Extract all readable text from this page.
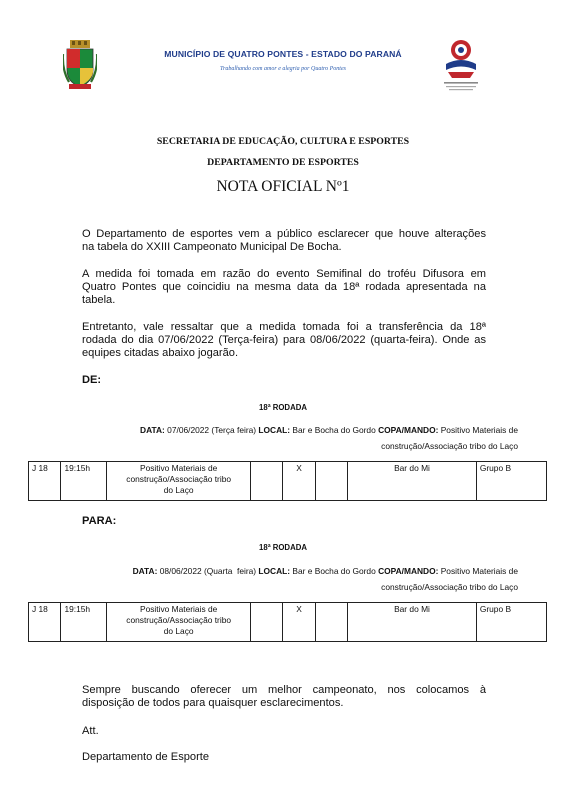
MUNICÍPIO DE QUATRO PONTES - ESTADO DO PARANÁ
Trabalhando com amor e alegria por Quatro Pontes
SECRETARIA DE EDUCAÇÃO, CULTURA E ESPORTES
DEPARTAMENTO DE ESPORTES
NOTA OFICIAL Nº1
O Departamento de esportes vem a público esclarecer que houve alterações
na tabela do XXIII Campeonato Municipal De Bocha.
A medida foi tomada em razão do evento Semifinal do troféu Difusora em
Quatro Pontes que coincidiu na mesma data da 18ª rodada apresentada na
tabela.
Entretanto, vale ressaltar que a medida tomada foi a transferência da 18ª
rodada do dia 07/06/2022 (Terça-feira) para 08/06/2022 (quarta-feira). Onde as
equipes citadas abaixo jogarão.
DE:
18ª RODADA
DATA: 07/06/2022 (Terça feira) LOCAL: Bar e Bocha do Gordo COPA/MANDO: Positivo Materiais de
construção/Associação tribo do Laço
J 18	19:15h	Positivo Materiais de
construção/Associação tribo
do Laço
		X		Bar do Mi	Grupo B
PARA:
18ª RODADA
DATA: 08/06/2022 (Quarta  feira) LOCAL: Bar e Bocha do Gordo COPA/MANDO: Positivo Materiais de
construção/Associação tribo do Laço
J 18	19:15h	Positivo Materiais de
construção/Associação tribo
do Laço
		X		Bar do Mi	Grupo B
Sempre buscando oferecer um melhor campeonato, nos colocamos à
disposição de todos para quaisquer esclarecimentos.
Att.
Departamento de Esporte
